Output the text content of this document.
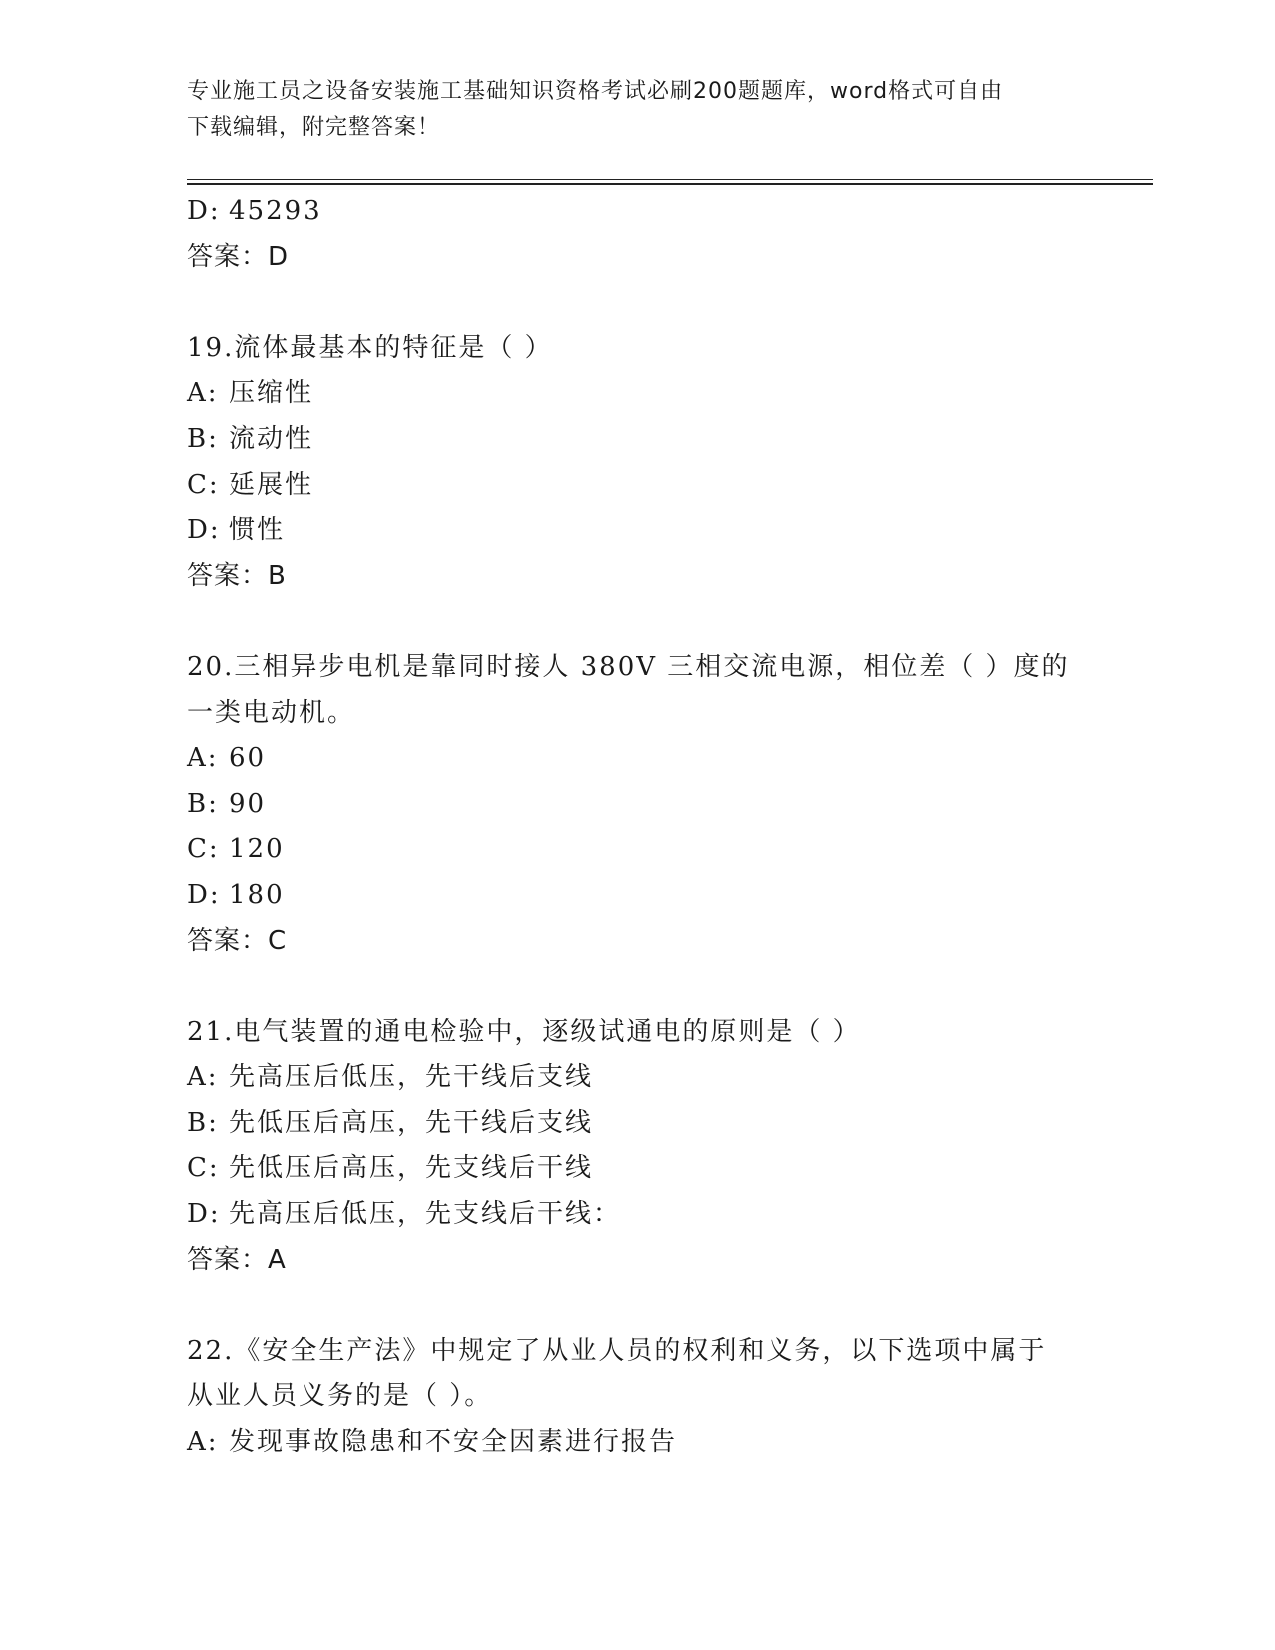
专业施工员之设备安装施工基础知识资格考试必刷200题题库，word格式可自由
下载编辑，附完整答案！
D: 45293
答案：D
19.流体最基本的特征是（ ）
A: 压缩性
B: 流动性
C: 延展性
D: 惯性
答案：B
20.三相异步电机是靠同时接人 380V 三相交流电源，相位差（ ）度的
一类电动机。
A: 60
B: 90
C: 120
D: 180
答案：C
21.电气装置的通电检验中，逐级试通电的原则是（ ）
A: 先高压后低压，先干线后支线
B: 先低压后高压，先干线后支线
C: 先低压后高压，先支线后干线
D: 先高压后低压，先支线后干线：
答案：A
22.《安全生产法》中规定了从业人员的权利和义务，以下选项中属于
从业人员义务的是（ ）。
A: 发现事故隐患和不安全因素进行报告
